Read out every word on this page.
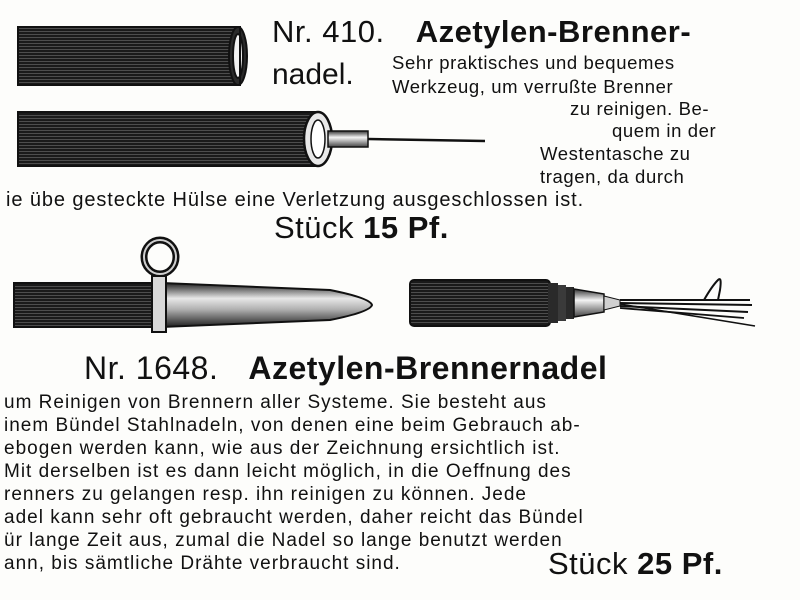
Nr. 410. Azetylen-Brenner-
nadel. Sehr praktisches und bequemes
Werkzeug, um verrußte Brenner
zu reinigen. Be-
quem in der
Westentasche zu
tragen, da durch
ie übe gesteckte Hülse eine Verletzung ausgeschlossen ist.
Stück 15 Pf.
Nr. 1648. Azetylen-Brennernadel
um Reinigen von Brennern aller Systeme. Sie besteht aus
inem Bündel Stahlnadeln, von denen eine beim Gebrauch ab-
ebogen werden kann, wie aus der Zeichnung ersichtlich ist.
Mit derselben ist es dann leicht möglich, in die Oeffnung des
renners zu gelangen resp. ihn reinigen zu können. Jede
adel kann sehr oft gebraucht werden, daher reicht das Bündel
ür lange Zeit aus, zumal die Nadel so lange benutzt werden
ann, bis sämtliche Drähte verbraucht sind.	Stück 25 Pf.
